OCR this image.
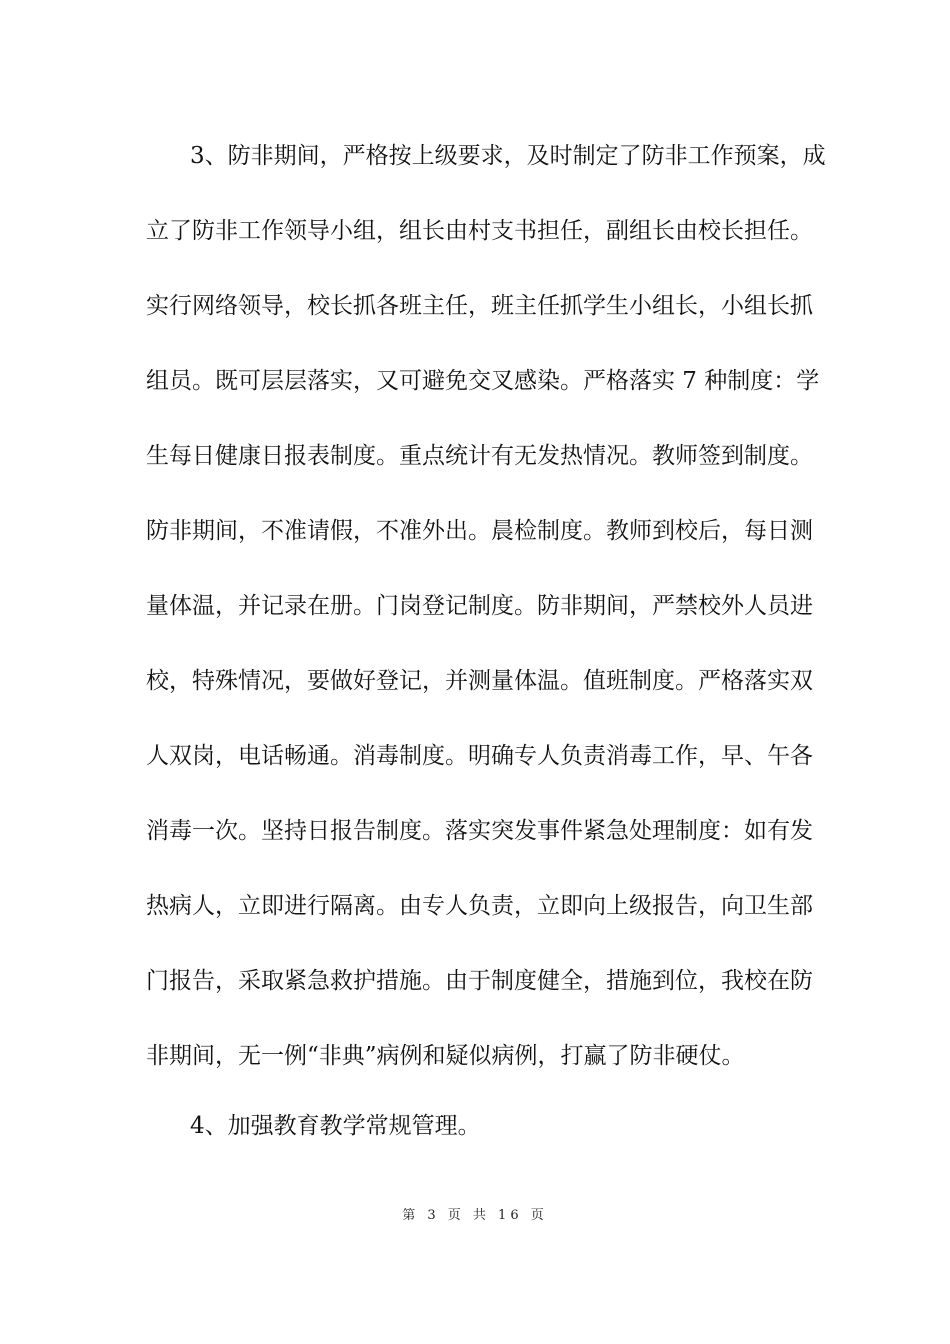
3、防非期间，严格按上级要求，及时制定了防非工作预案，成
立了防非工作领导小组，组长由村支书担任，副组长由校长担任。
实行网络领导，校长抓各班主任，班主任抓学生小组长，小组长抓
组员。既可层层落实，又可避免交叉感染。严格落实 7 种制度：学
生每日健康日报表制度。重点统计有无发热情况。教师签到制度。
防非期间，不准请假，不准外出。晨检制度。教师到校后，每日测
量体温，并记录在册。门岗登记制度。防非期间，严禁校外人员进
校，特殊情况，要做好登记，并测量体温。值班制度。严格落实双
人双岗，电话畅通。消毒制度。明确专人负责消毒工作，早、午各
消毒一次。坚持日报告制度。落实突发事件紧急处理制度：如有发
热病人，立即进行隔离。由专人负责，立即向上级报告，向卫生部
门报告，采取紧急救护措施。由于制度健全，措施到位，我校在防
非期间，无一例“非典”病例和疑似病例，打赢了防非硬仗。
4、加强教育教学常规管理。
第 3 页 共 16 页
